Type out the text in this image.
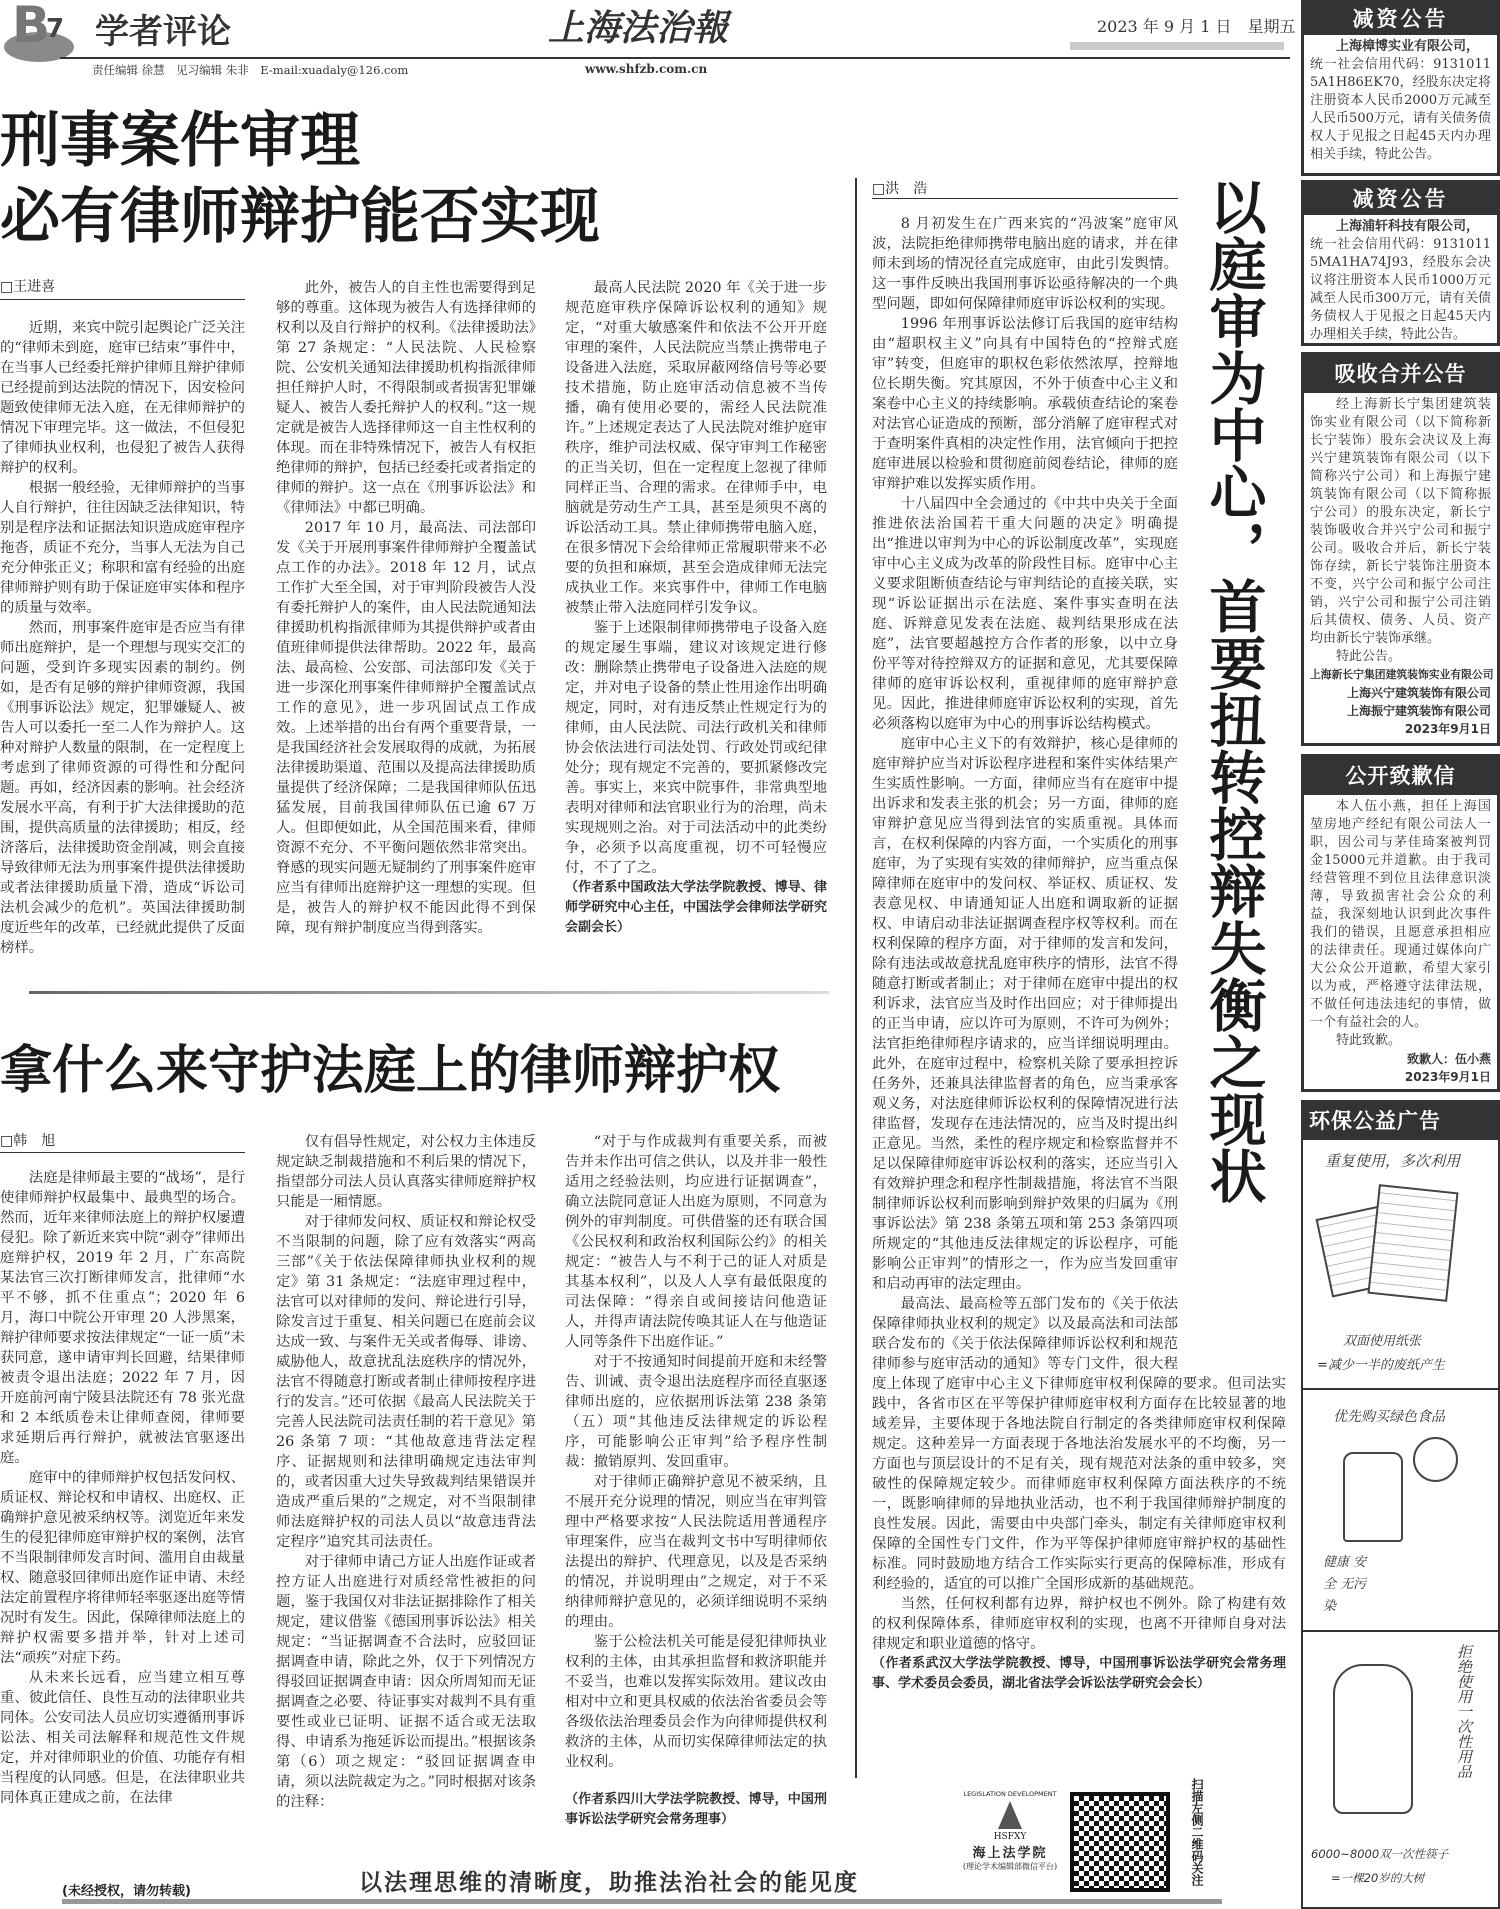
B
7 学者评论	上海法治報	2023 年 9 月 1 日　星期五
责任编辑 徐慧　见习编辑 朱非　E-mail:xuadaly@126.com	www.shfzb.com.cn
刑事案件审理
必有律师辩护能否实现
□王进喜

近期，来宾中院引起舆论广泛关注的“律师未到庭，庭审已结束”事件中，在当事人已经委托辩护律师且辩护律师已经提前到达法院的情况下，因安检问题致使律师无法入庭，在无律师辩护的情况下审理完毕。这一做法，不但侵犯了律师执业权利，也侵犯了被告人获得辩护的权利。

根据一般经验，无律师辩护的当事人自行辩护，往往因缺乏法律知识，特别是程序法和证据法知识造成庭审程序拖沓，质证不充分，当事人无法为自己充分伸张正义；称职和富有经验的出庭律师辩护则有助于保证庭审实体和程序的质量与效率。

然而，刑事案件庭审是否应当有律师出庭辩护，是一个理想与现实交汇的问题，受到许多现实因素的制约。例如，是否有足够的辩护律师资源，我国《刑事诉讼法》规定，犯罪嫌疑人、被告人可以委托一至二人作为辩护人。这种对辩护人数量的限制，在一定程度上考虑到了律师资源的可得性和分配问题。再如，经济因素的影响。社会经济发展水平高，有利于扩大法律援助的范围，提供高质量的法律援助；相反，经济落后，法律援助资金削减，则会直接导致律师无法为刑事案件提供法律援助或者法律援助质量下滑，造成“诉讼司法机会减少的危机”。英国法律援助制度近些年的改革，已经就此提供了反面榜样。

此外，被告人的自主性也需要得到足够的尊重。这体现为被告人有选择律师的权利以及自行辩护的权利。《法律援助法》第 27 条规定：“人民法院、人民检察院、公安机关通知法律援助机构指派律师担任辩护人时，不得限制或者损害犯罪嫌疑人、被告人委托辩护人的权利。”这一规定就是被告人选择律师这一自主性权利的体现。而在非特殊情况下，被告人有权拒绝律师的辩护，包括已经委托或者指定的律师的辩护。这一点在《刑事诉讼法》和《律师法》中都已明确。

2017 年 10 月，最高法、司法部印发《关于开展刑事案件律师辩护全覆盖试点工作的办法》。2018 年 12 月，试点工作扩大至全国，对于审判阶段被告人没有委托辩护人的案件，由人民法院通知法律援助机构指派律师为其提供辩护或者由值班律师提供法律帮助。2022 年，最高法、最高检、公安部、司法部印发《关于进一步深化刑事案件律师辩护全覆盖试点工作的意见》，进一步巩固试点工作成效。上述举措的出台有两个重要背景，一是我国经济社会发展取得的成就，为拓展法律援助渠道、范围以及提高法律援助质量提供了经济保障；二是我国律师队伍迅猛发展，目前我国律师队伍已逾 67 万人。但即便如此，从全国范围来看，律师资源不充分、不平衡问题依然非常突出。脊感的现实问题无疑制约了刑事案件庭审应当有律师出庭辩护这一理想的实现。但是，被告人的辩护权不能因此得不到保障，现有辩护制度应当得到落实。

最高人民法院 2020 年《关于进一步规范庭审秩序保障诉讼权利的通知》规定，“对重大敏感案件和依法不公开开庭审理的案件，人民法院应当禁止携带电子设备进入法庭，采取屏蔽网络信号等必要技术措施，防止庭审活动信息被不当传播，确有使用必要的，需经人民法院准许。”上述规定表达了人民法院对维护庭审秩序，维护司法权威、保守审判工作秘密的正当关切，但在一定程度上忽视了律师同样正当、合理的需求。在律师手中，电脑就是劳动生产工具，甚至是须臾不离的诉讼活动工具。禁止律师携带电脑入庭，在很多情况下会给律师正常履职带来不必要的负担和麻烦，甚至会造成律师无法完成执业工作。来宾事件中，律师工作电脑被禁止带入法庭同样引发争议。

鉴于上述限制律师携带电子设备入庭的规定屡生事端，建议对该规定进行修改：删除禁止携带电子设备进入法庭的规定，并对电子设备的禁止性用途作出明确规定，同时，对有违反禁止性规定行为的律师，由人民法院、司法行政机关和律师协会依法进行司法处罚、行政处罚或纪律处分；现有规定不完善的，要抓紧修改完善。事实上，来宾中院事件，非常典型地表明对律师和法官职业行为的治理，尚未实现规则之治。对于司法活动中的此类纷争，必须予以高度重视，切不可轻慢应付，不了了之。

（作者系中国政法大学法学院教授、博导、律师学研究中心主任，中国法学会律师法学研究会副会长）

拿什么来守护法庭上的律师辩护权
□韩　旭

法庭是律师最主要的“战场”，是行使律师辩护权最集中、最典型的场合。然而，近年来律师法庭上的辩护权屡遭侵犯。除了新近来宾中院“剥夺”律师出庭辩护权，2019 年 2 月，广东高院某法官三次打断律师发言，批律师“水平不够，抓不住重点”；2020 年 6 月，海口中院公开审理 20 人涉黑案，辩护律师要求按法律规定“一证一质”未获同意，遂申请审判长回避，结果律师被责令退出法庭；2022 年 7 月，因开庭前河南宁陵县法院还有 78 张光盘和 2 本纸质卷未让律师查阅，律师要求延期后再行辩护，就被法官驱逐出庭。

庭审中的律师辩护权包括发问权、质证权、辩论权和申请权、出庭权、正确辩护意见被采纳权等。浏览近年来发生的侵犯律师庭审辩护权的案例，法官不当限制律师发言时间、滥用自由裁量权、随意驳回律师出庭作证申请、未经法定前置程序将律师轻率驱逐出庭等情况时有发生。因此，保障律师法庭上的辩护权需要多措并举，针对上述司法“顽疾”对症下药。

从未来长远看，应当建立相互尊重、彼此信任、良性互动的法律职业共同体。公安司法人员应切实遵循刑事诉讼法、相关司法解释和规范性文件规定，并对律师职业的价值、功能存有相当程度的认同感。但是，在法律职业共同体真正建成之前，在法律

仅有倡导性规定，对公权力主体违反规定缺乏制裁措施和不利后果的情况下，指望部分司法人员认真落实律师庭辩护权只能是一厢情愿。

对于律师发问权、质证权和辩论权受不当限制的问题，除了应有效落实“两高三部”《关于依法保障律师执业权利的规定》第 31 条规定：“法庭审理过程中，法官可以对律师的发问、辩论进行引导，除发言过于重复、相关问题已在庭前会议达成一致、与案件无关或者侮辱、诽谤、威胁他人，故意扰乱法庭秩序的情况外，法官不得随意打断或者制止律师按程序进行的发言。”还可依据《最高人民法院关于完善人民法院司法责任制的若干意见》第 26 条第 7 项：“其他故意违背法定程序、证据规则和法律明确规定违法审判的，或者因重大过失导致裁判结果错误并造成严重后果的”之规定，对不当限制律师法庭辩护权的司法人员以“故意违背法定程序”追究其司法责任。

对于律师申请己方证人出庭作证或者控方证人出庭进行对质经常性被拒的问题，鉴于我国仅对非法证据排除作了相关规定，建议借鉴《德国刑事诉讼法》相关规定：“当证据调查不合法时，应驳回证据调查申请，除此之外，仅于下列情况方得驳回证据调查申请：因众所周知而无证据调查之必要、待证事实对裁判不具有重要性或业已证明、证据不适合或无法取得、申请系为拖延诉讼而提出。”根据该条第（6）项之规定：“驳回证据调查申请，须以法院裁定为之。”同时根据对该条的注释：

“对于与作成裁判有重要关系，而被告并未作出可信之供认，以及并非一般性适用之经验法则，均应进行证据调查”，确立法院同意证人出庭为原则，不同意为例外的审判制度。可供借鉴的还有联合国《公民权利和政治权利国际公约》的相关规定：“被告人与不利于己的证人对质是其基本权利”，以及人人享有最低限度的司法保障：“得亲自或间接诘问他造证人，并得声请法院传唤其证人在与他造证人同等条件下出庭作证。”

对于不按通知时间提前开庭和未经警告、训诫、责令退出法庭程序而径直驱逐律师出庭的，应依据刑诉法第 238 条第（五）项“其他违反法律规定的诉讼程序，可能影响公正审判”给予程序性制裁：撤销原判、发回重审。

对于律师正确辩护意见不被采纳，且不展开充分说理的情况，则应当在审判管理中严格要求按“人民法院适用普通程序审理案件，应当在裁判文书中写明律师依法提出的辩护、代理意见，以及是否采纳的情况，并说明理由”之规定，对于不采纳律师辩护意见的，必须详细说明不采纳的理由。

鉴于公检法机关可能是侵犯律师执业权利的主体，由其承担监督和救济职能并不妥当，也难以发挥实际效用。建议改由相对中立和更具权威的依法治省委员会等各级依法治理委员会作为向律师提供权利救济的主体，从而切实保障律师法定的执业权利。

（作者系四川大学法学院教授、博导，中国刑事诉讼法学研究会常务理事）

□洪　浩	以庭审为中心，首要扭转控辩失衡之现状

8 月初发生在广西来宾的“冯波案”庭审风波，法院拒绝律师携带电脑出庭的请求，并在律师未到场的情况径直完成庭审，由此引发舆情。这一事件反映出我国刑事诉讼亟待解决的一个典型问题，即如何保障律师庭审诉讼权利的实现。

1996 年刑事诉讼法修订后我国的庭审结构由“超职权主义”向具有中国特色的“控辩式庭审”转变，但庭审的职权色彩依然浓厚，控辩地位长期失衡。究其原因，不外于侦查中心主义和案卷中心主义的持续影响。承载侦查结论的案卷对法官心证造成的预断，部分消解了庭审程式对于查明案件真相的决定性作用，法官倾向于把控庭审进展以检验和贯彻庭前阅卷结论，律师的庭审辩护难以发挥实质作用。

十八届四中全会通过的《中共中央关于全面推进依法治国若干重大问题的决定》明确提出“推进以审判为中心的诉讼制度改革”，实现庭审中心主义成为改革的阶段性目标。庭审中心主义要求阻断侦查结论与审判结论的直接关联，实现“诉讼证据出示在法庭、案件事实查明在法庭、诉辩意见发表在法庭、裁判结果形成在法庭”，法官要超越控方合作者的形象，以中立身份平等对待控辩双方的证据和意见，尤其要保障律师的庭审诉讼权利，重视律师的庭审辩护意见。因此，推进律师庭审诉讼权利的实现，首先必须落构以庭审为中心的刑事诉讼结构模式。

庭审中心主义下的有效辩护，核心是律师的庭审辩护应当对诉讼程序进程和案件实体结果产生实质性影响。一方面，律师应当有在庭审中提出诉求和发表主张的机会；另一方面，律师的庭审辩护意见应当得到法官的实质重视。具体而言，在权利保障的内容方面，一个实质化的刑事庭审，为了实现有实效的律师辩护，应当重点保障律师在庭审中的发问权、举证权、质证权、发表意见权、申请通知证人出庭和调取新的证据权、申请启动非法证据调查程序权等权利。而在权利保障的程序方面，对于律师的发言和发问，除有违法或故意扰乱庭审秩序的情形，法官不得随意打断或者制止；对于律师在庭审中提出的权利诉求，法官应当及时作出回应；对于律师提出的正当申请，应以许可为原则，不许可为例外；法官拒绝律师程序请求的，应当详细说明理由。此外，在庭审过程中，检察机关除了要承担控诉任务外，还兼具法律监督者的角色，应当秉承客观义务，对法庭律师诉讼权利的保障情况进行法律监督，发现存在违法情况的，应当及时提出纠正意见。当然，柔性的程序规定和检察监督并不足以保障律师庭审诉讼权利的落实，还应当引入有效辩护理念和程序性制裁措施，将法官不当限制律师诉讼权利而影响到辩护效果的归属为《刑事诉讼法》第 238 条第五项和第 253 条第四项所规定的“其他违反法律规定的诉讼程序，可能影响公正审判”的情形之一，作为应当发回重审和启动再审的法定理由。

最高法、最高检等五部门发布的《关于依法保障律师执业权利的规定》以及最高法和司法部联合发布的《关于依法保障律师诉讼权利和规范律师参与庭审活动的通知》等专门文件，很大程度上体现了庭审中心主义下律师庭审权利保障的要求。但司法实践中，各省市区在平等保护律师庭审权利方面存在比较显著的地域差异，主要体现于各地法院自行制定的各类律师庭审权利保障规定。这种差异一方面表现于各地法治发展水平的不均衡，另一方面也与顶层设计的不足有关，现有规范对法条的重申较多，突破性的保障规定较少。而律师庭审权利保障方面法秩序的不统一，既影响律师的异地执业活动，也不利于我国律师辩护制度的良性发展。因此，需要由中央部门牵头，制定有关律师庭审权利保障的全国性专门文件，作为平等保护律师庭审辩护权的基础性标准。同时鼓励地方结合工作实际实行更高的保障标准，形成有利经验的，适宜的可以推广全国形成新的基础规范。

当然，任何权利都有边界，辩护权也不例外。除了构建有效的权利保障体系，律师庭审权利的实现，也离不开律师自身对法律规定和职业道德的恪守。

（作者系武汉大学法学院教授、博导，中国刑事诉讼法学研究会常务理事、学术委员会委员，湖北省法学会诉讼法学研究会会长）

LEGISLATION DEVELOPMENT
HSFXY
海上法学院
(理论学术编辑部微信平台)	扫描左侧二维码关注
(未经授权，请勿转载)	以法理思维的清晰度，助推法治社会的能见度
减资公告

上海樟博实业有限公司，

统一社会信用代码：91310115A1H86EK70，经股东决定将注册资本人民币2000万元减至人民币500万元，请有关债务债权人于见报之日起45天内办理相关手续，特此公告。

减资公告

上海浦轩科技有限公司，

统一社会信用代码：91310115MA1HA74J93，经股东会决议将注册资本人民币1000万元减至人民币300万元，请有关债务债权人于见报之日起45天内办理相关手续，特此公告。

吸收合并公告

经上海新长宁集团建筑装饰实业有限公司（以下简称新长宁装饰）股东会决议及上海兴宁建筑装饰有限公司（以下简称兴宁公司）和上海振宁建筑装饰有限公司（以下简称振宁公司）的股东决定，新长宁装饰吸收合并兴宁公司和振宁公司。吸收合并后，新长宁装饰存续，新长宁装饰注册资本不变，兴宁公司和振宁公司注销，兴宁公司和振宁公司注销后其债权、债务、人员、资产均由新长宁装饰承继。

特此公告。

上海新长宁集团建筑装饰实业有限公司

上海兴宁建筑装饰有限公司

上海振宁建筑装饰有限公司

2023年9月1日

公开致歉信

本人伍小燕，担任上海国堃房地产经纪有限公司法人一职，因公司与茅佳琦案被判罚金15000元并道歉。由于我司经营管理不到位且法律意识淡薄，导致损害社会公众的利益，我深刻地认识到此次事件我们的错误，且愿意承担相应的法律责任。现通过媒体向广大公众公开道歉，希望大家引以为戒，严格遵守法律法规，不做任何违法违纪的事情，做一个有益社会的人。

特此致歉。

致歉人：伍小燕

2023年9月1日

环保公益广告
重复使用，多次利用
双面使用纸张
=减少一半的废纸产生
优先购买绿色食品
健康 安全 无污染
拒绝使用一次性用品
6000~8000双一次性筷子
=一棵20岁的大树
